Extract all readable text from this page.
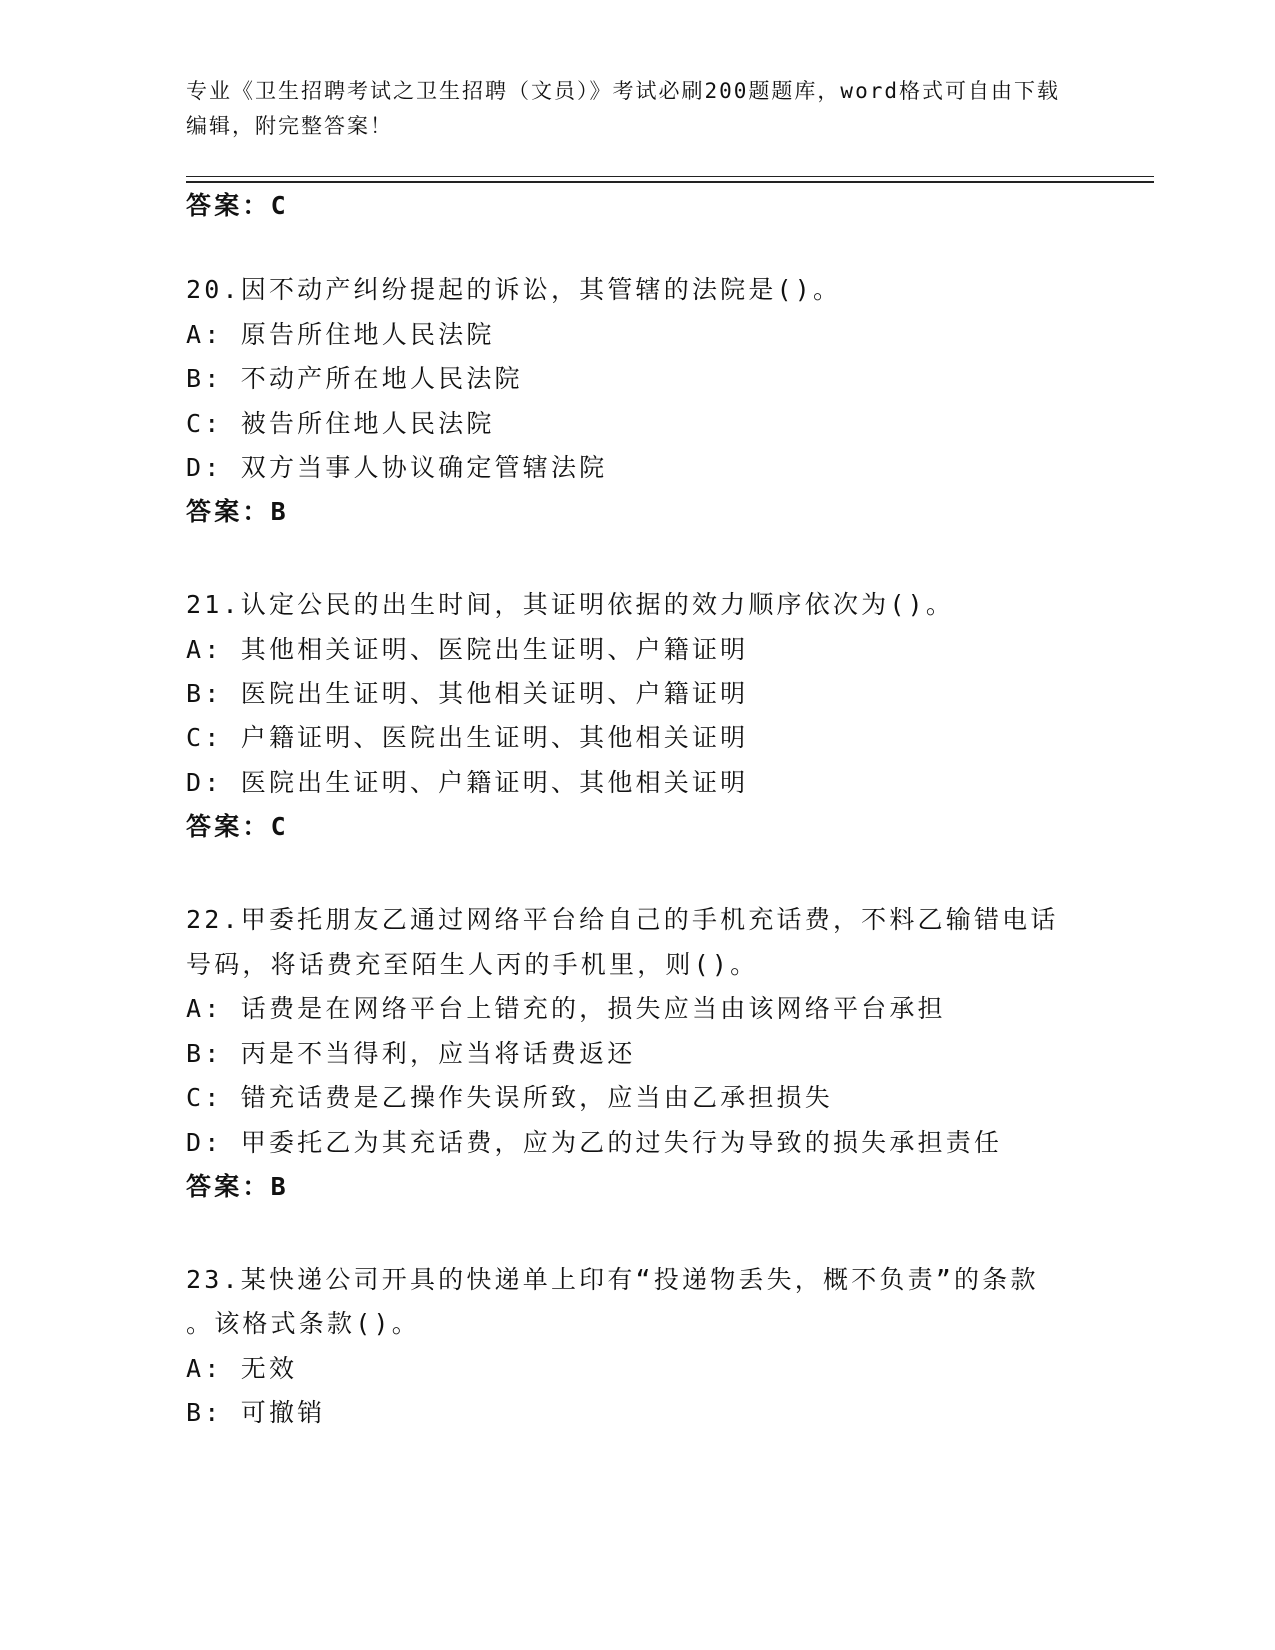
专业《卫生招聘考试之卫生招聘（文员）》考试必刷200题题库，word格式可自由下载编辑，附完整答案！

答案：C
20.因不动产纠纷提起的诉讼，其管辖的法院是()。
A: 原告所住地人民法院
B: 不动产所在地人民法院
C: 被告所住地人民法院
D: 双方当事人协议确定管辖法院
答案：B
21.认定公民的出生时间，其证明依据的效力顺序依次为()。
A: 其他相关证明、医院出生证明、户籍证明
B: 医院出生证明、其他相关证明、户籍证明
C: 户籍证明、医院出生证明、其他相关证明
D: 医院出生证明、户籍证明、其他相关证明
答案：C
22.甲委托朋友乙通过网络平台给自己的手机充话费，不料乙输错电话
号码，将话费充至陌生人丙的手机里，则()。
A: 话费是在网络平台上错充的，损失应当由该网络平台承担
B: 丙是不当得利，应当将话费返还
C: 错充话费是乙操作失误所致，应当由乙承担损失
D: 甲委托乙为其充话费，应为乙的过失行为导致的损失承担责任
答案：B
23.某快递公司开具的快递单上印有“投递物丢失，概不负责”的条款
。该格式条款()。
A: 无效
B: 可撤销
